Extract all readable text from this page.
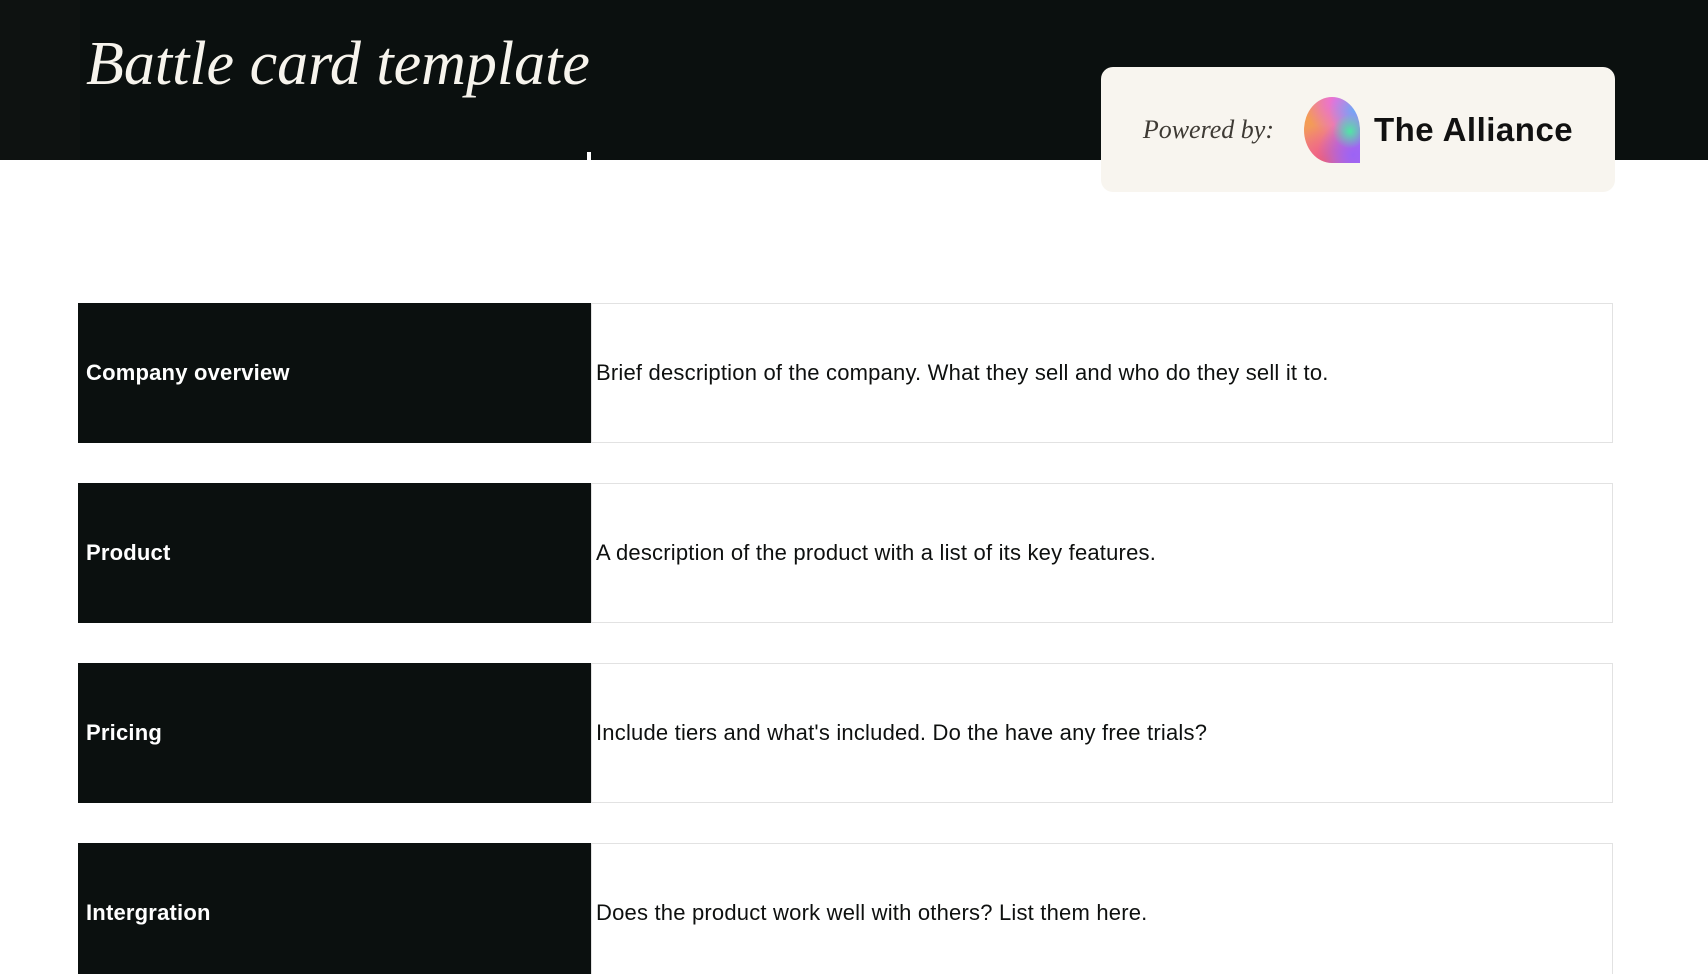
Battle card template
Powered by:	The Alliance
Company overview	Brief description of the company. What they sell and who do they sell it to.
Product	A description of the product with a list of its key features.
Pricing	Include tiers and what's included. Do the have any free trials?
Intergration	Does the product work well with others? List them here.
